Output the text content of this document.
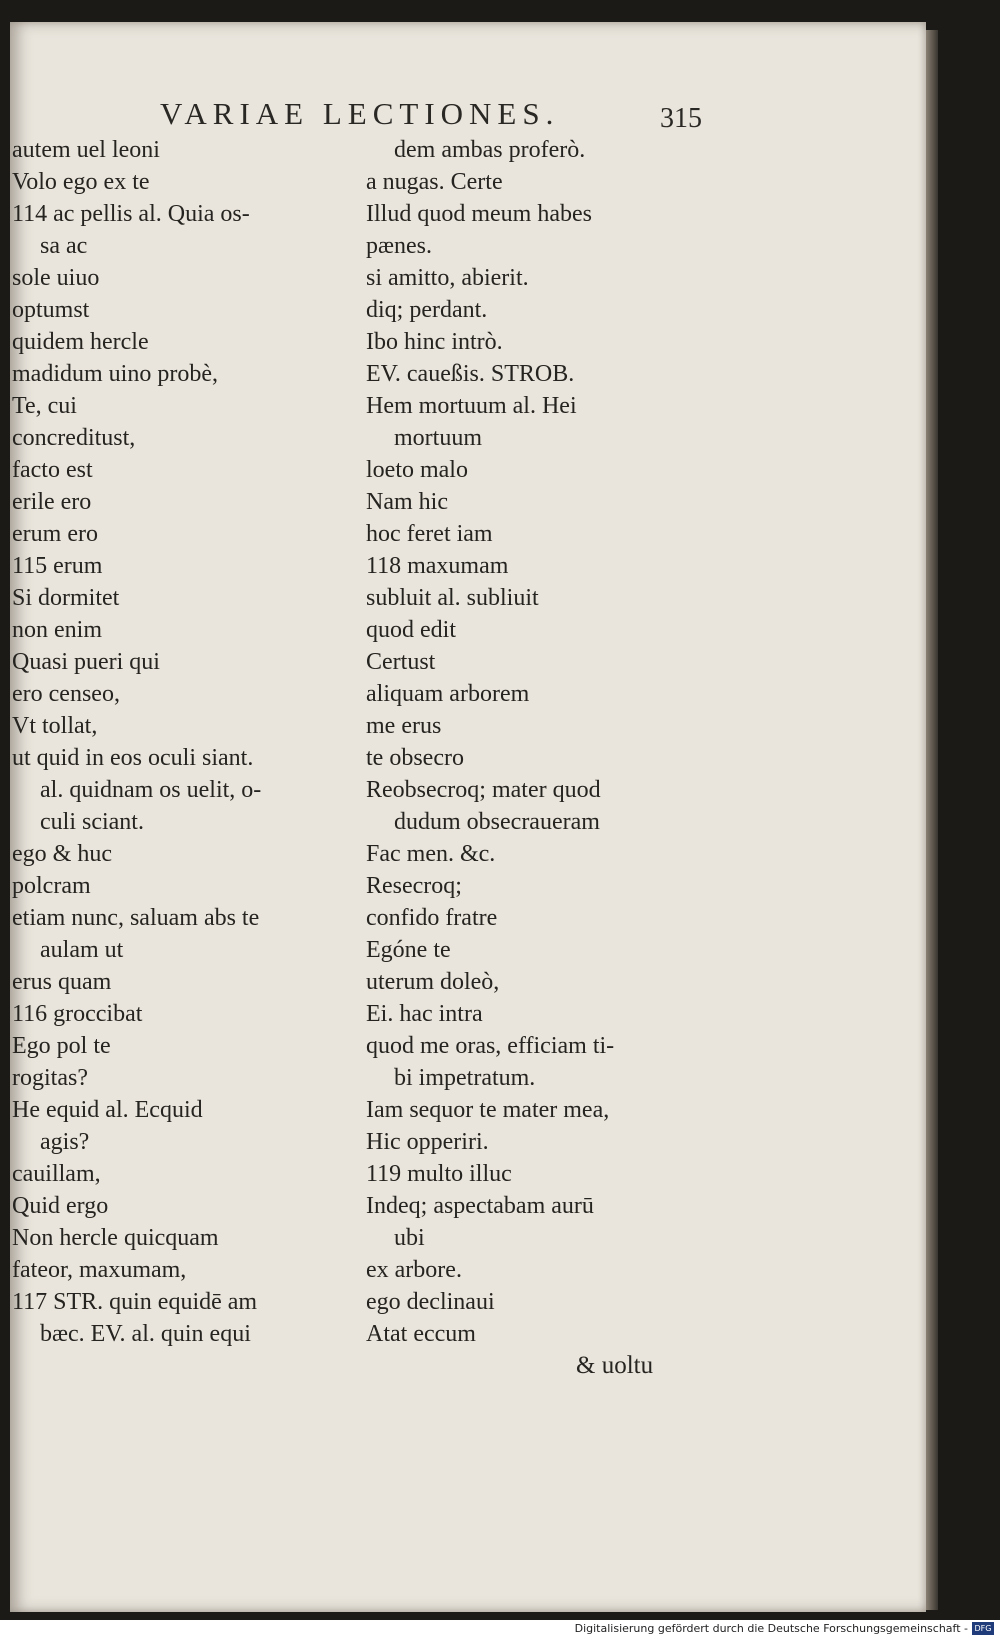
VARIAE LECTIONES.	315
autem uel leoni
Volo ego ex te
114 ac pellis al. Quia os-
sa ac
sole uiuo
optumst
quidem hercle
madidum uino probè,
Te, cui
concreditust,
facto est
erile ero
erum ero
115 erum
Si dormitet
non enim
Quasi pueri qui
ero censeo,
Vt tollat,
ut quid in eos oculi siant.
al. quidnam os uelit, o-
culi sciant.
ego & huc
polcram
etiam nunc, saluam abs te
aulam ut
erus quam
116 groccibat
Ego pol te
rogitas?
He equid al. Ecquid
agis?
cauillam,
Quid ergo
Non hercle quicquam
fateor, maxumam,
117 STR. quin equidē am
bæc. EV. al. quin equi
dem ambas proferò.
a nugas. Certe
Illud quod meum habes
pænes.
si amitto, abierit.
diq; perdant.
Ibo hinc intrò.
EV. caueßis. STROB.
Hem mortuum al. Hei
mortuum
loeto malo
Nam hic
hoc feret iam
118 maxumam
subluit al. subliuit
quod edit
Certust
aliquam arborem
me erus
te obsecro
Reobsecroq; mater quod
dudum obsecraueram
Fac men. &c.
Resecroq;
confido fratre
Egóne te
uterum doleò,
Ei. hac intra
quod me oras, efficiam ti-
bi impetratum.
Iam sequor te mater mea,
Hic opperiri.
119 multo illuc
Indeq; aspectabam aurū
ubi
ex arbore.
ego declinaui
Atat eccum
& uoltu
Digitalisierung gefördert durch die Deutsche Forschungsgemeinschaft - DFG
